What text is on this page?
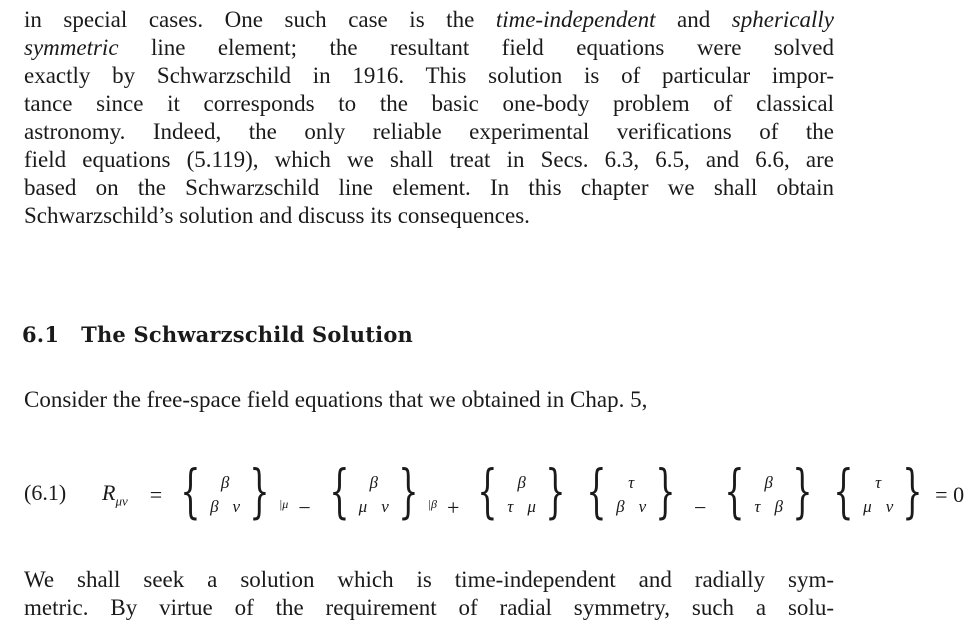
in special cases. One such case is the time-independent and spherically
symmetric line element; the resultant field equations were solved
exactly by Schwarzschild in 1916. This solution is of particular impor-
tance since it corresponds to the basic one-body problem of classical
astronomy. Indeed, the only reliable experimental verifications of the
field equations (5.119), which we shall treat in Secs. 6.3, 6.5, and 6.6, are
based on the Schwarzschild line element. In this chapter we shall obtain
Schwarzschild’s solution and discuss its consequences.
6.1 The Schwarzschild Solution
Consider the free-space field equations that we obtained in Chap. 5,
(6.1) $R_{\mu\nu}$ = { β
β ν } |μ − { β
μ ν } |β + { β
τ μ }
  { τ
β ν } − { β
τ β }
  { τ
μ ν } = 0
We shall seek a solution which is time-independent and radially sym-
metric. By virtue of the requirement of radial symmetry, such a solu-
